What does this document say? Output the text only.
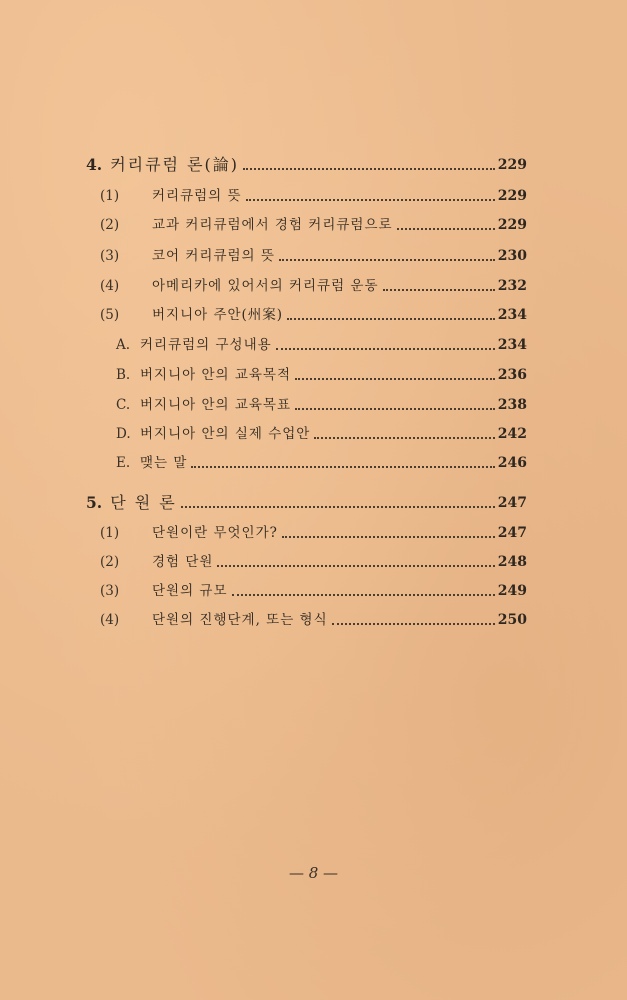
4. 커리큐럼 론(論)	229
(1)	커리큐럼의 뜻	229
(2)	교과 커리큐럼에서 경험 커리큐럼으로	229
(3)	코어 커리큐럼의 뜻	230
(4)	아메리카에 있어서의 커리큐럼 운동	232
(5)	버지니아 주안(州案)	234
A. 커리큐럼의 구성내용	234
B. 버지니아 안의 교육목적	236
C. 버지니아 안의 교육목표	238
D. 버지니아 안의 실제 수업안	242
E. 맺는 말	246
5. 단 원 론	247
(1)	단원이란 무엇인가?	247
(2)	경험 단원	248
(3)	단원의 규모	249
(4)	단원의 진행단계, 또는 형식	250
— 8 —
